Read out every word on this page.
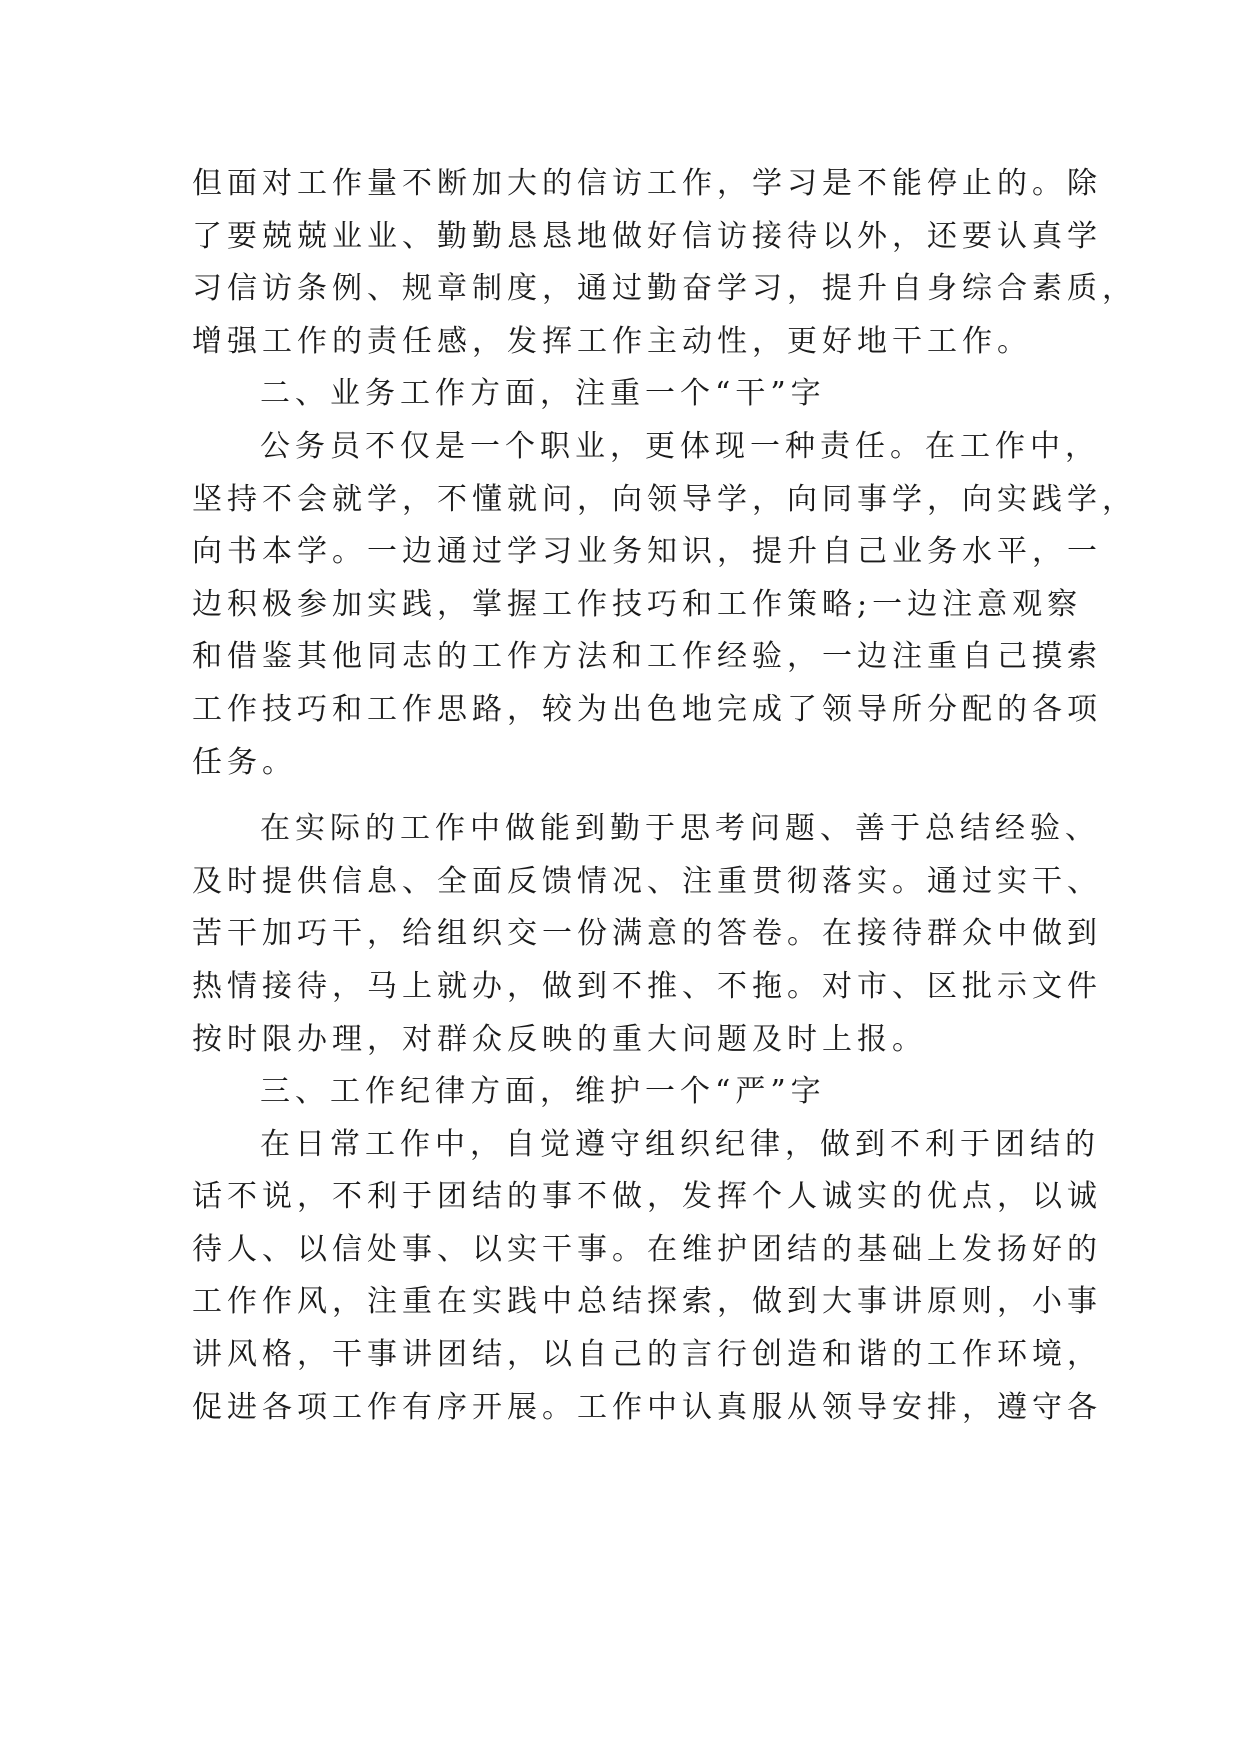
但面对工作量不断加大的信访工作，学习是不能停止的。除
了要兢兢业业、勤勤恳恳地做好信访接待以外，还要认真学
习信访条例、规章制度，通过勤奋学习，提升自身综合素质，
增强工作的责任感，发挥工作主动性，更好地干工作。
二、业务工作方面，注重一个“干”字
公务员不仅是一个职业，更体现一种责任。在工作中，
坚持不会就学，不懂就问，向领导学，向同事学，向实践学，
向书本学。一边通过学习业务知识，提升自己业务水平，一
边积极参加实践，掌握工作技巧和工作策略;一边注意观察
和借鉴其他同志的工作方法和工作经验，一边注重自己摸索
工作技巧和工作思路，较为出色地完成了领导所分配的各项
任务。
在实际的工作中做能到勤于思考问题、善于总结经验、
及时提供信息、全面反馈情况、注重贯彻落实。通过实干、
苦干加巧干，给组织交一份满意的答卷。在接待群众中做到
热情接待，马上就办，做到不推、不拖。对市、区批示文件
按时限办理，对群众反映的重大问题及时上报。
三、工作纪律方面，维护一个“严”字
在日常工作中，自觉遵守组织纪律，做到不利于团结的
话不说，不利于团结的事不做，发挥个人诚实的优点，以诚
待人、以信处事、以实干事。在维护团结的基础上发扬好的
工作作风，注重在实践中总结探索，做到大事讲原则，小事
讲风格，干事讲团结，以自己的言行创造和谐的工作环境，
促进各项工作有序开展。工作中认真服从领导安排，遵守各
